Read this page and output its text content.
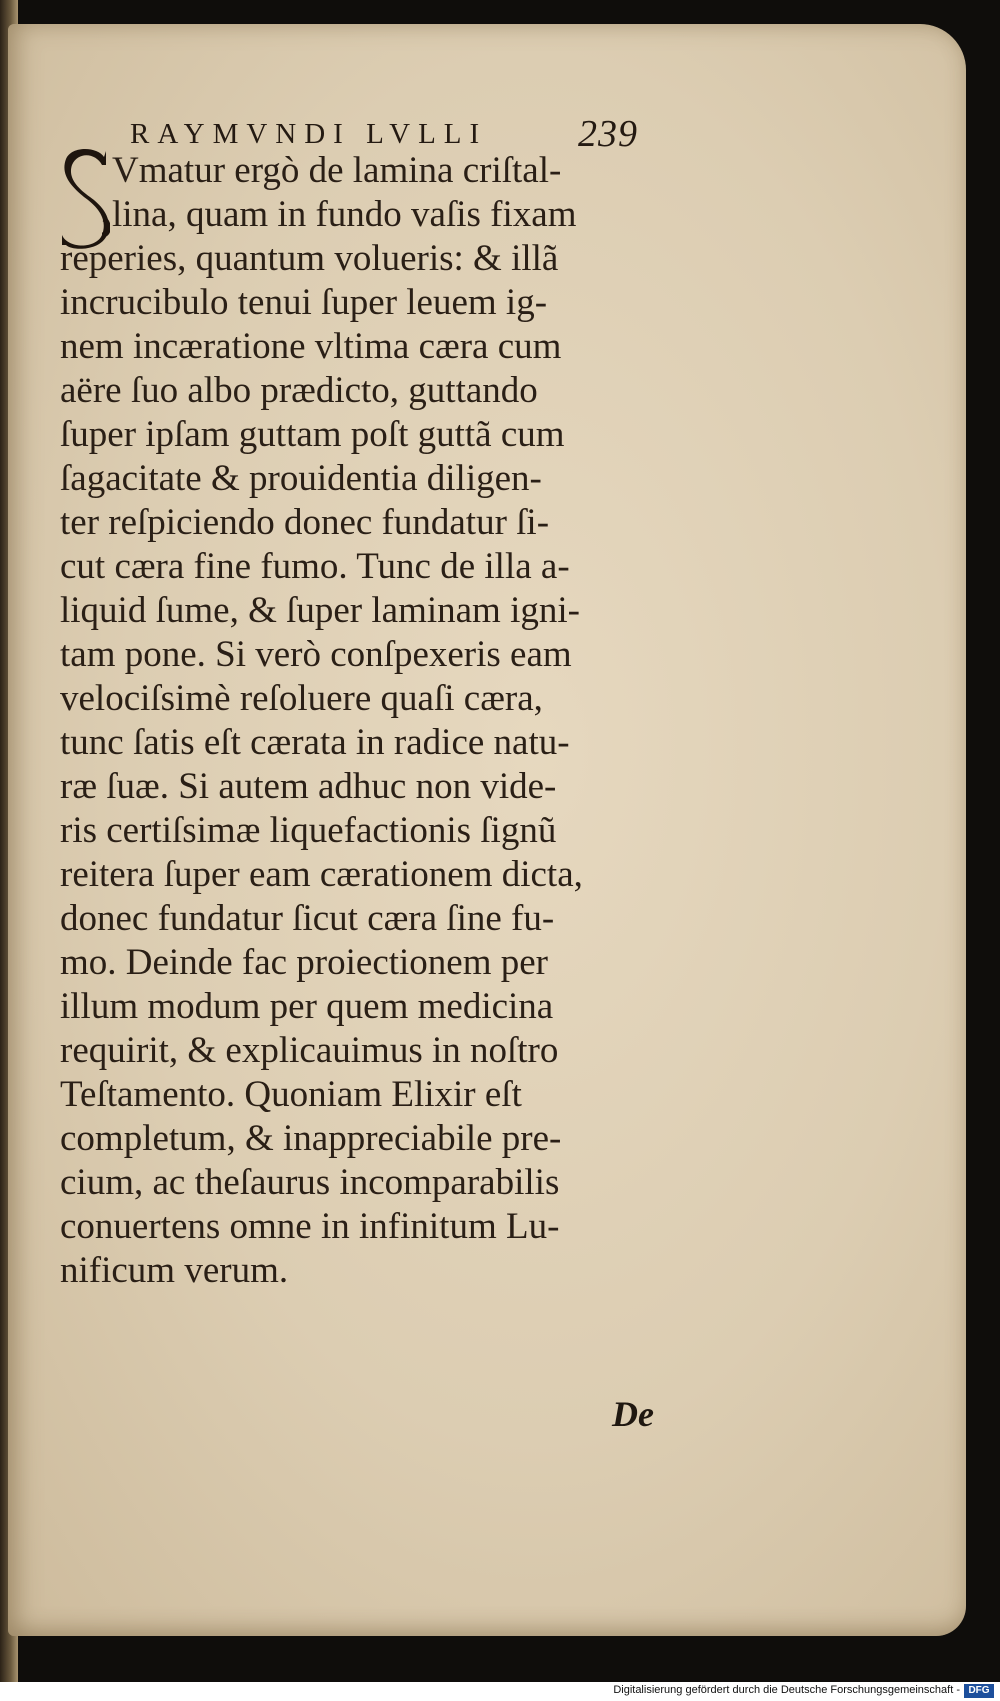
RAYMVNDI LVLLI 239
Vmatur ergò de lamina criſtal-
lina, quam in fundo vaſis fixam
reperies, quantum volueris: & illã
incrucibulo tenui ſuper leuem ig-
nem incæratione vltima cæra cum
aëre ſuo albo prædicto, guttando
ſuper ipſam guttam poſt guttã cum
ſagacitate & prouidentia diligen-
ter reſpiciendo donec fundatur ſi-
cut cæra fine fumo. Tunc de illa a-
liquid ſume, & ſuper laminam igni-
tam pone. Si verò conſpexeris eam
velociſsimè reſoluere quaſi cæra,
tunc ſatis eſt cærata in radice natu-
ræ ſuæ. Si autem adhuc non vide-
ris certiſsimæ liquefactionis ſignũ
reitera ſuper eam cærationem dicta,
donec fundatur ſicut cæra ſine fu-
mo. Deinde fac proiectionem per
illum modum per quem medicina
requirit, & explicauimus in noſtro
Teſtamento. Quoniam Elixir eſt
completum, & inappreciabile pre-
cium, ac theſaurus incomparabilis
conuertens omne in infinitum Lu-
nificum verum.
De
Digitalisierung gefördert durch die Deutsche Forschungsgemeinschaft - DFG
